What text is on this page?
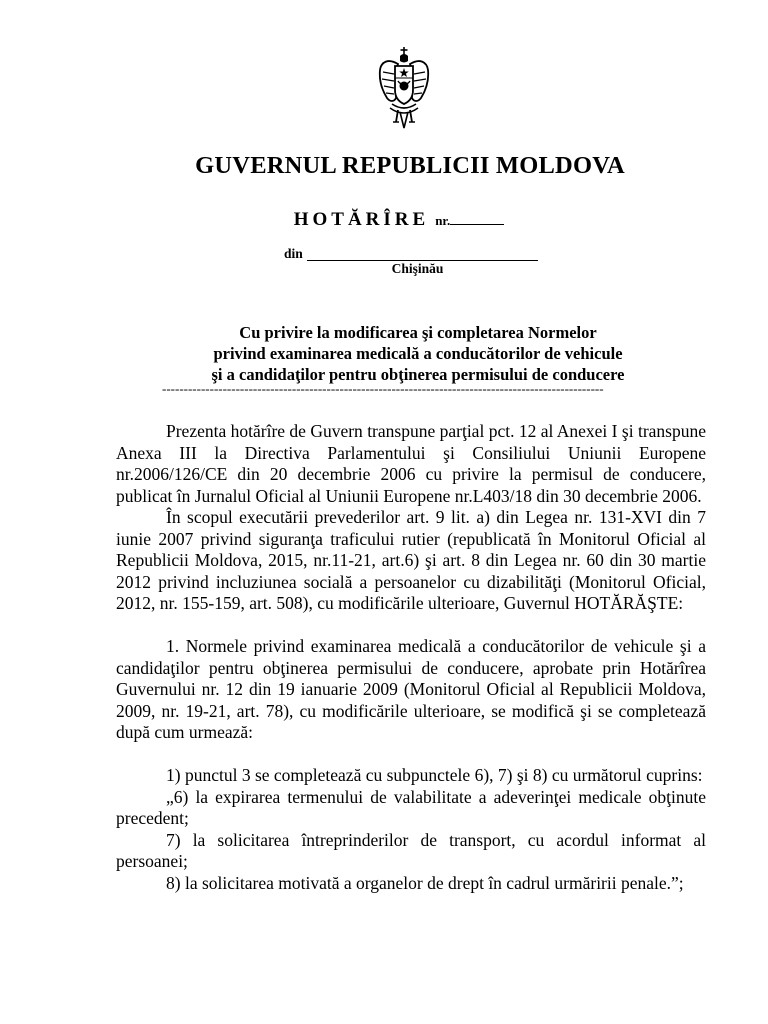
GUVERNUL REPUBLICII MOLDOVA
HOTĂRÎRE nr.
din
Chişinău
Cu privire la modificarea şi completarea Normelor
privind examinarea medicală a conducătorilor de vehicule
şi a candidaţilor pentru obţinerea permisului de conducere
------------------------------------------------------------------------------------------------------

Prezenta hotărîre de Guvern transpune parţial pct. 12 al Anexei I şi transpune Anexa III la Directiva Parlamentului şi Consiliului Uniunii Europene nr.2006/126/CE din 20 decembrie 2006 cu privire la permisul de conducere, publicat în Jurnalul Oficial al Uniunii Europene nr.L403/18 din 30 decembrie 2006.

În scopul executării prevederilor art. 9 lit. a) din Legea nr. 131-XVI din 7 iunie 2007 privind siguranţa traficului rutier (republicată în Monitorul Oficial al Republicii Moldova, 2015, nr.11-21, art.6) şi art. 8 din Legea nr. 60 din 30 martie 2012 privind incluziunea socială a persoanelor cu dizabilităţi (Monitorul Oficial, 2012, nr. 155-159, art. 508), cu modificările ulterioare, Guvernul HOTĂRĂŞTE:

1. Normele privind examinarea medicală a conducătorilor de vehicule şi a candidaţilor pentru obţinerea permisului de conducere, aprobate prin Hotărîrea Guvernului nr. 12 din 19 ianuarie 2009 (Monitorul Oficial al Republicii Moldova, 2009, nr. 19-21, art. 78), cu modificările ulterioare, se modifică şi se completează după cum urmează:

1) punctul 3 se completează cu subpunctele 6), 7) şi 8) cu următorul cuprins:

„6) la expirarea termenului de valabilitate a adeverinţei medicale obţinute precedent;

7) la solicitarea întreprinderilor de transport, cu acordul informat al persoanei;

8) la solicitarea motivată a organelor de drept în cadrul urmăririi penale.”;
